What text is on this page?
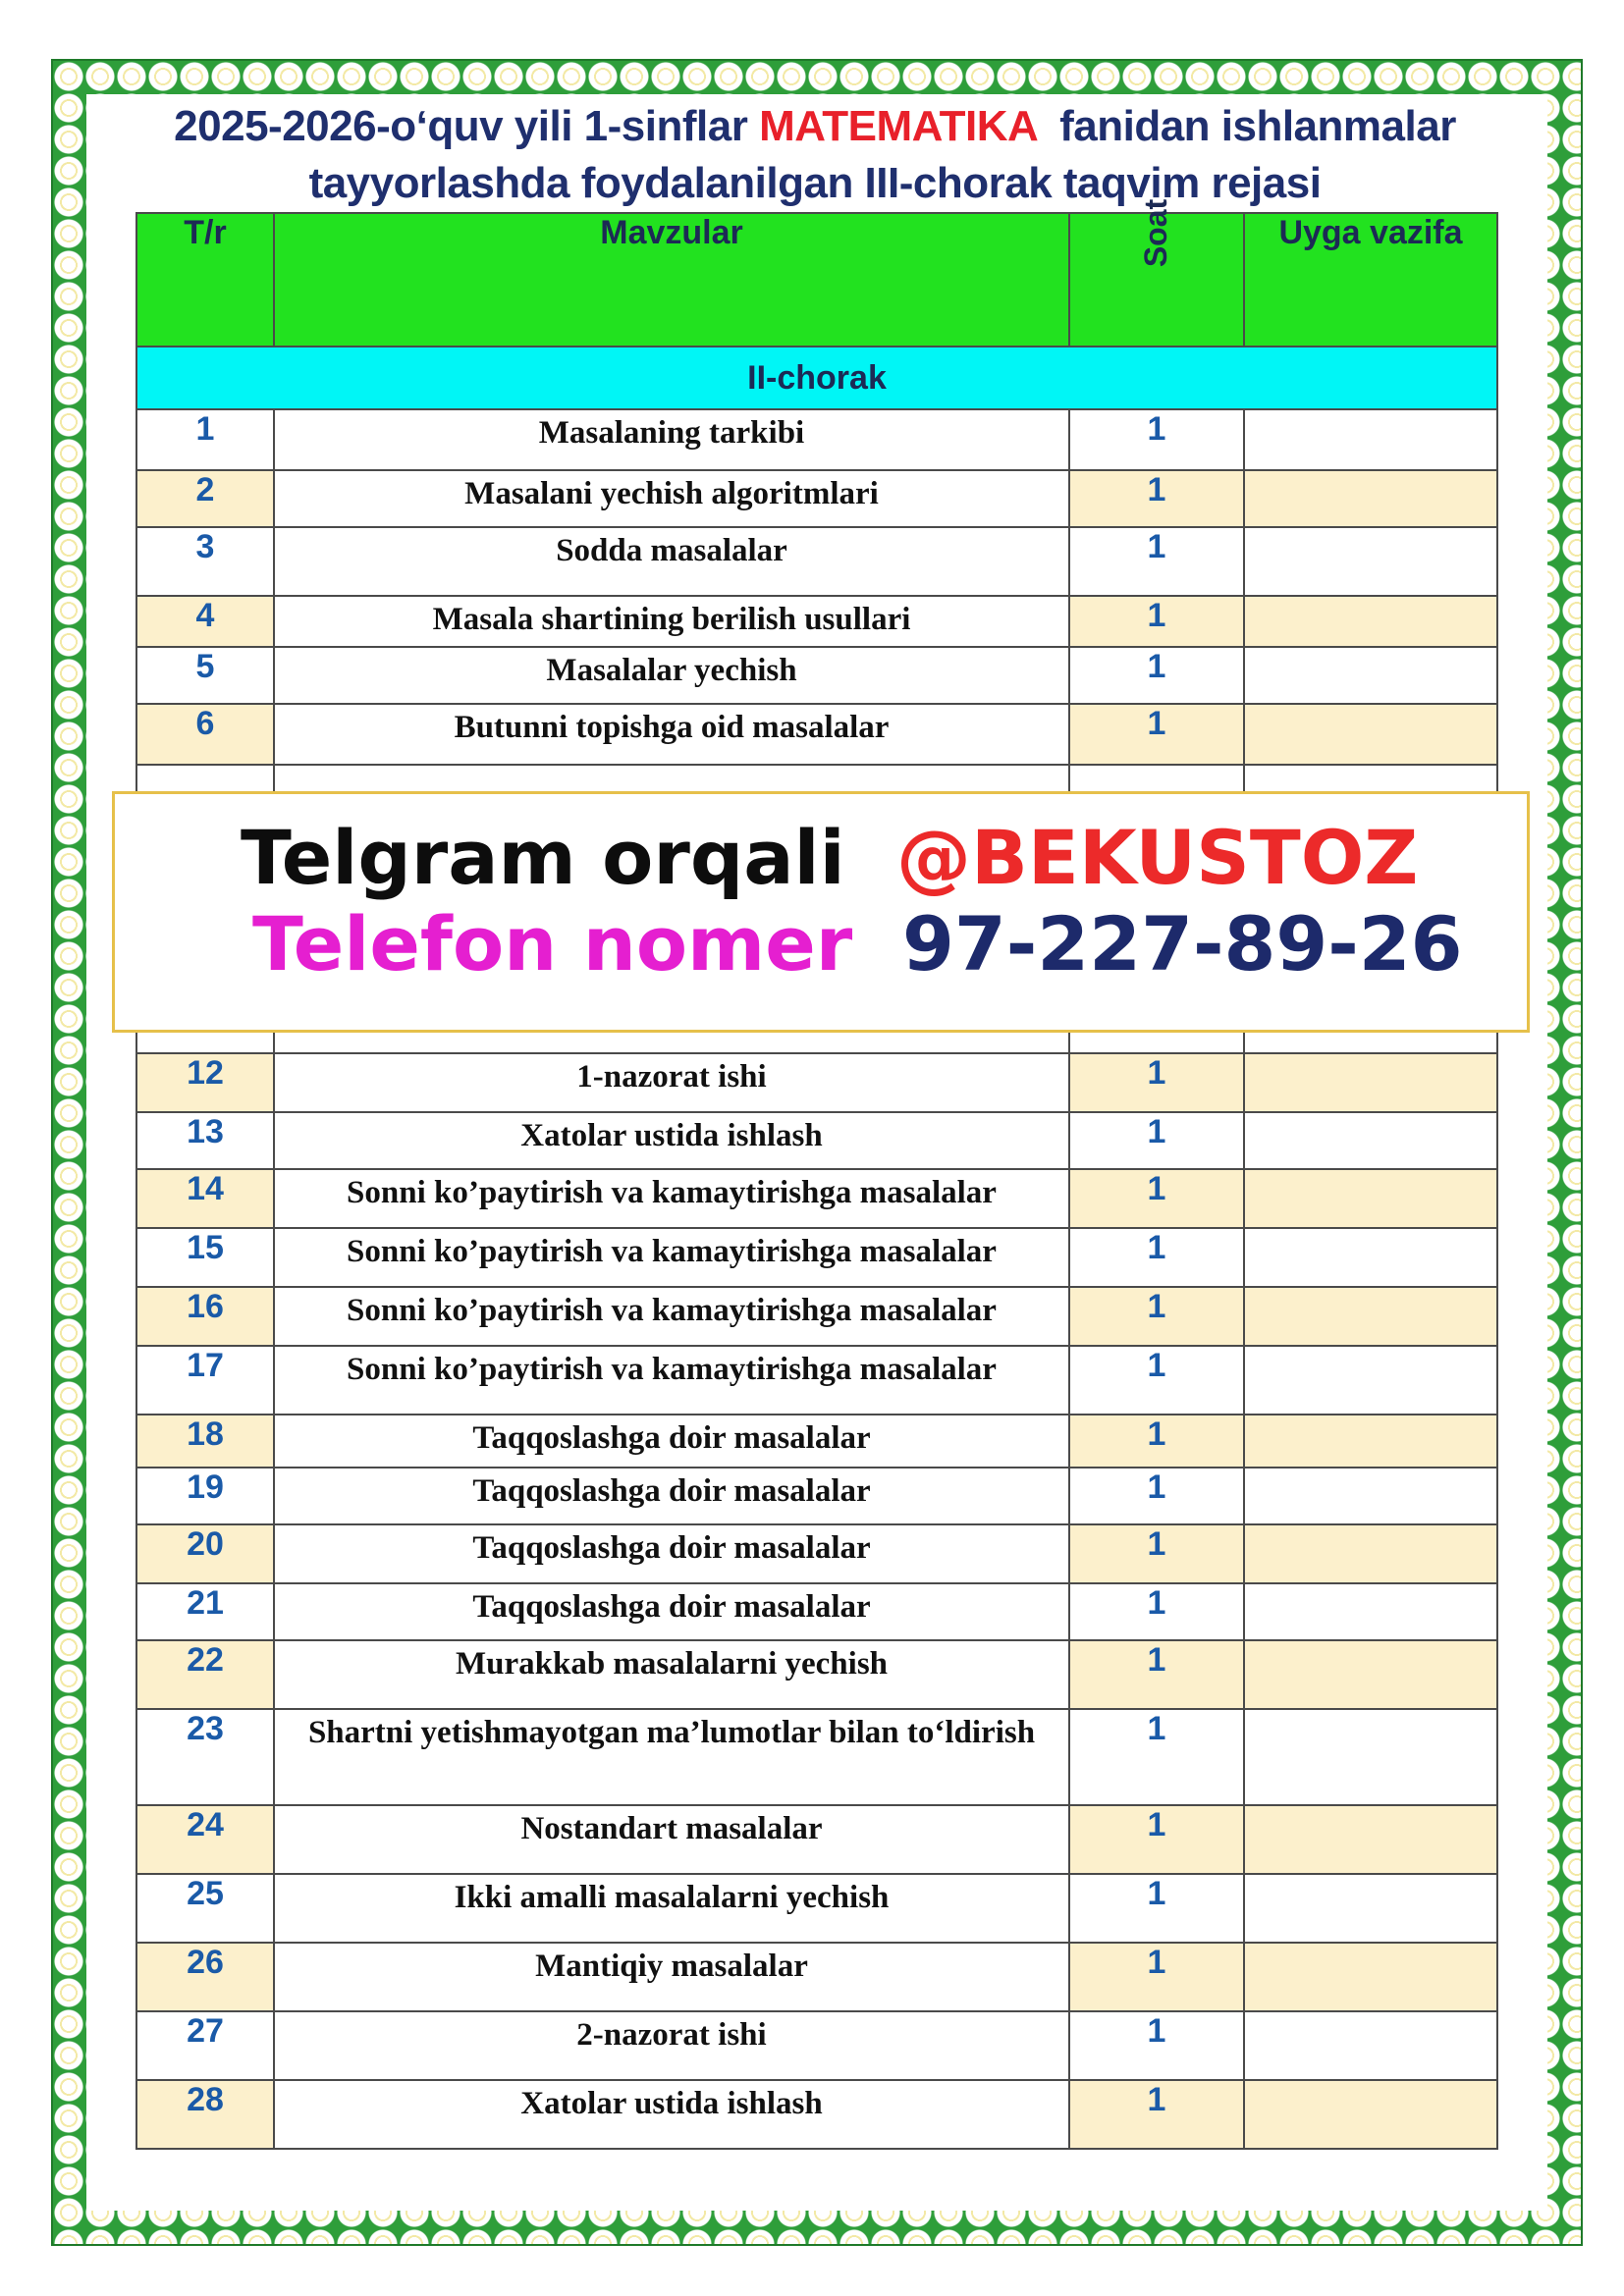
2025-2026-o‘quv yili 1-sinflar MATEMATIKA  fanidan ishlanmalar
tayyorlashda foydalanilgan III-chorak taqvim rejasi
T/r	Mavzular	Soat	Uyga vazifa
II-chorak			
1	Masalaning tarkibi	1	
2	Masalani yechish algoritmlari	1	
3	Sodda masalalar	1	
4	Masala shartining berilish usullari	1	
5	Masalalar yechish	1	
6	Butunni topishga oid masalalar	1	

12	1-nazorat ishi	1	
13	Xatolar ustida ishlash	1	
14	Sonni ko’paytirish va kamaytirishga masalalar	1	
15	Sonni ko’paytirish va kamaytirishga masalalar	1	
16	Sonni ko’paytirish va kamaytirishga masalalar	1	
17	Sonni ko’paytirish va kamaytirishga masalalar	1	
18	Taqqoslashga doir masalalar	1	
19	Taqqoslashga doir masalalar	1	
20	Taqqoslashga doir masalalar	1	
21	Taqqoslashga doir masalalar	1	
22	Murakkab masalalarni yechish	1	
23	Shartni yetishmayotgan ma’lumotlar bilan to‘ldirish	1	
24	Nostandart masalalar	1	
25	Ikki amalli masalalarni yechish	1	
26	Mantiqiy masalalar	1	
27	2-nazorat ishi	1	
28	Xatolar ustida ishlash	1	
Telgram orqali @BEKUSTOZ
Telefon nomer 97-227-89-26
